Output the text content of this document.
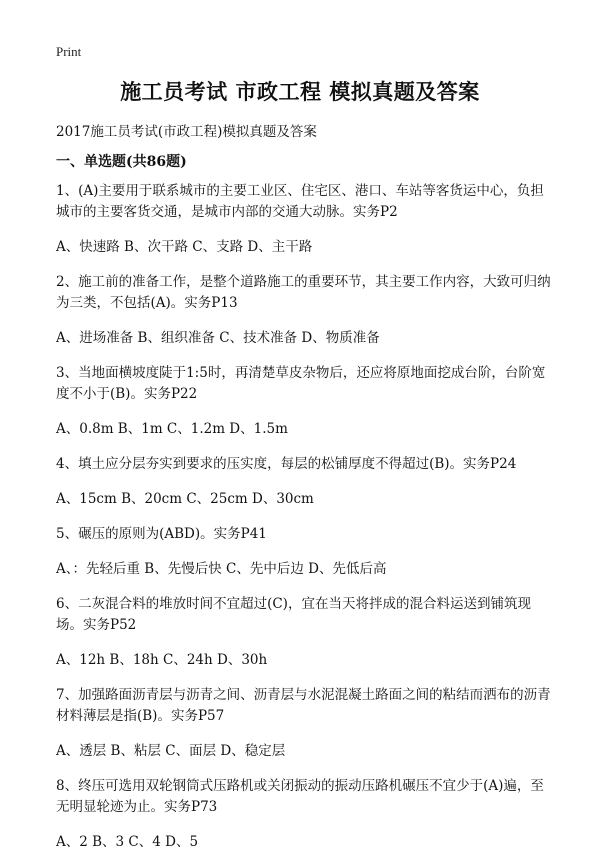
Print
施工员考试 市政工程 模拟真题及答案
2017施工员考试(市政工程)模拟真题及答案
一、单选题(共86题)

1、(A)主要用于联系城市的主要工业区、住宅区、港口、车站等客货运中心，负担城市的主要客货交通，是城市内部的交通大动脉。实务P2

A、快速路 B、次干路 C、支路 D、主干路

2、施工前的准备工作，是整个道路施工的重要环节，其主要工作内容，大致可归纳为三类，不包括(A)。实务P13

A、进场准备 B、组织准备 C、技术准备 D、物质准备

3、当地面横坡度陡于1:5时，再清楚草皮杂物后，还应将原地面挖成台阶，台阶宽度不小于(B)。实务P22

A、0.8m B、1m C、1.2m D、1.5m

4、填土应分层夯实到要求的压实度，每层的松铺厚度不得超过(B)。实务P24

A、15cm B、20cm C、25cm D、30cm

5、碾压的原则为(ABD)。实务P41

A、：先轻后重 B、先慢后快 C、先中后边 D、先低后高

6、二灰混合料的堆放时间不宜超过(C)，宜在当天将拌成的混合料运送到铺筑现场。实务P52

A、12h B、18h C、24h D、30h

7、加强路面沥青层与沥青之间、沥青层与水泥混凝土路面之间的粘结而洒布的沥青材料薄层是指(B)。实务P57

A、透层 B、粘层 C、面层 D、稳定层

8、终压可选用双轮钢筒式压路机或关闭振动的振动压路机碾压不宜少于(A)遍，至无明显轮迹为止。实务P73

A、2 B、3 C、4 D、5
